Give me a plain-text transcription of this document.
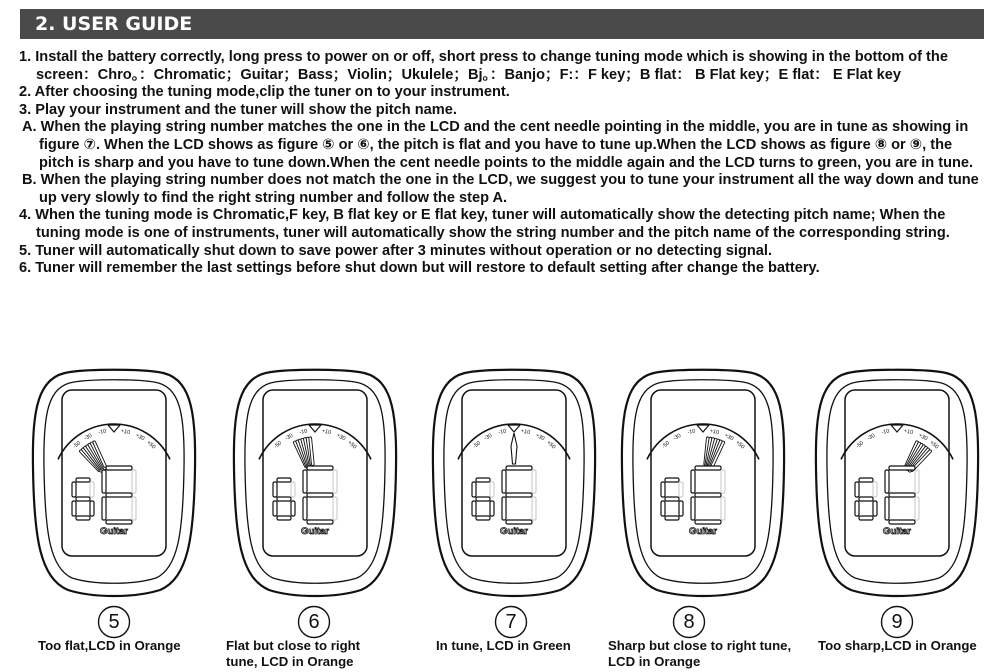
2. USER GUIDE

1. Install the battery correctly, long press to power on or off, short press to change tuning mode which is showing in the bottom of the screen：Chro。：Chromatic；Guitar；Bass；Violin；Ukulele；Bj。：Banjo；F:：F key；B flat： B Flat key；E flat： E Flat key

2. After choosing the tuning mode,clip the tuner on to your instrument.

3. Play your instrument and the tuner will show the pitch name.

A. When the playing string number matches the one in the LCD and the cent needle pointing in the middle, you are in tune as showing in figure ⑦. When the LCD shows as figure ⑤ or ⑥, the pitch is flat and you have to tune up.When the LCD shows as figure ⑧ or ⑨, the pitch is sharp and you have to tune down.When the cent needle points to the middle again and the LCD turns to green, you are in tune.

B. When the playing string number does not match the one in the LCD, we suggest you to tune your instrument all the way down and tune up very slowly to find the right string number and follow the step A.

4. When the tuning mode is Chromatic,F key, B flat key or E flat key, tuner will automatically show the detecting pitch name; When the tuning mode is one of instruments, tuner will automatically show the string number and the pitch name of the corresponding string.

5. Tuner will automatically shut down to save power after 3 minutes without operation or no detecting signal.

6. Tuner will remember the last settings before shut down but will restore to default setting after change the battery.

-50
-30
-10 +10
+30
+50
Guitar
5
Too flat,LCD in Orange
-50
-30
-10 +10
+30
+50
Guitar
6
Flat but close to right tune, LCD in Orange
-50
-30
-10 +10
+30
+50
Guitar
7
In tune, LCD in Green
-50
-30
-10 +10
+30
+50
Guitar
8
Sharp but close to right tune, LCD in Orange
-50
-30
-10 +10
+30
+50
Guitar
9
Too sharp,LCD in Orange
